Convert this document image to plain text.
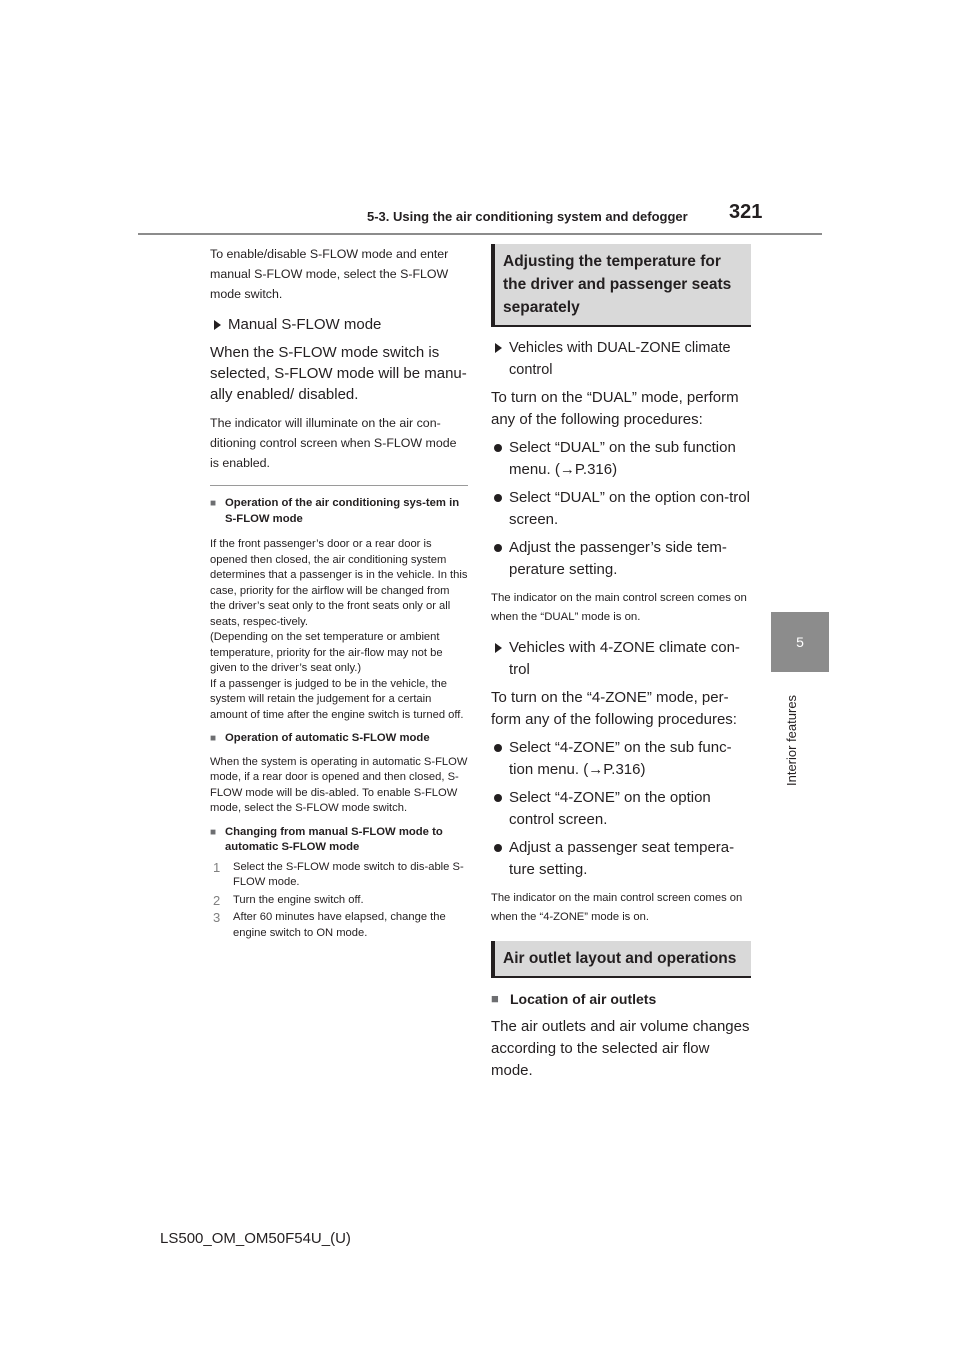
5-3. Using the air conditioning system and defogger 321
5
Interior features

To enable/disable S-FLOW mode and enter manual S-FLOW mode, select the S-FLOW mode switch.

Manual S-FLOW mode

When the S-FLOW mode switch is selected, S-FLOW mode will be manu-ally enabled/ disabled.

The indicator will illuminate on the air con-ditioning control screen when S-FLOW mode is enabled.

■ Operation of the air conditioning sys-tem in S-FLOW mode

If the front passenger’s door or a rear door is opened then closed, the air conditioning system determines that a passenger is in the vehicle. In this case, priority for the airflow will be changed from the driver’s seat only to the front seats only or all seats, respec-tively.

(Depending on the set temperature or ambient temperature, priority for the air-flow may not be given to the driver’s seat only.)

If a passenger is judged to be in the vehicle, the system will retain the judgement for a certain amount of time after the engine switch is turned off.

■ Operation of automatic S-FLOW mode

When the system is operating in automatic S-FLOW mode, if a rear door is opened and then closed, S-FLOW mode will be dis-abled. To enable S-FLOW mode, select the S-FLOW mode switch.

■ Changing from manual S-FLOW mode to automatic S-FLOW mode

1 Select the S-FLOW mode switch to dis-able S-FLOW mode.

2 Turn the engine switch off.

3 After 60 minutes have elapsed, change the engine switch to ON mode.

Adjusting the temperature for the driver and passenger seats separately

Vehicles with DUAL-ZONE climate control

To turn on the “DUAL” mode, perform any of the following procedures:

Select “DUAL” on the sub function menu. (→P.316)

Select “DUAL” on the option con-trol screen.

Adjust the passenger’s side tem-perature setting.

The indicator on the main control screen comes on when the “DUAL” mode is on.

Vehicles with 4-ZONE climate con-trol

To turn on the “4-ZONE” mode, per-form any of the following procedures:

Select “4-ZONE” on the sub func-tion menu. (→P.316)

Select “4-ZONE” on the option control screen.

Adjust a passenger seat tempera-ture setting.

The indicator on the main control screen comes on when the “4-ZONE” mode is on.

Air outlet layout and operations

■ Location of air outlets

The air outlets and air volume changes according to the selected air flow mode.

LS500_OM_OM50F54U_(U)
